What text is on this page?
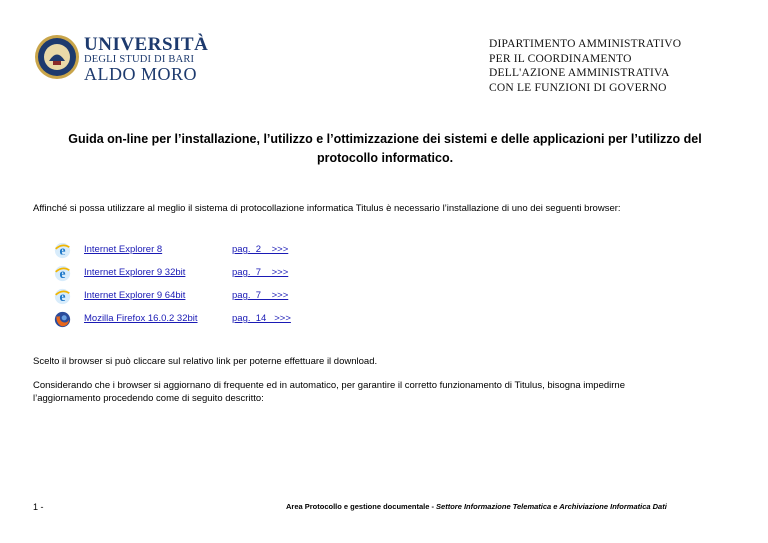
UNIVERSITÀ
DEGLI STUDI DI BARI
ALDO MORO
DIPARTIMENTO AMMINISTRATIVO
PER IL COORDINAMENTO
DELL'AZIONE AMMINISTRATIVA
CON LE FUNZIONI DI GOVERNO
Guida on-line per l’installazione, l’utilizzo e l’ottimizzazione dei sistemi e delle applicazioni per l’utilizzo del protocollo informatico.
Affinché si possa utilizzare al meglio il sistema di protocollazione informatica Titulus è necessario l’installazione di uno dei seguenti browser:
e Internet Explorer 8	pag.  2    >>>
e Internet Explorer 9 32bit	pag.  7    >>>
e Internet Explorer 9 64bit	pag.  7    >>>
Mozilla Firefox 16.0.2 32bit	pag.  14   >>>
Scelto il browser si può cliccare sul relativo link per poterne effettuare il download.
Considerando che i browser si aggiornano di frequente ed in automatico, per garantire il corretto funzionamento di Titulus, bisogna impedirne l’aggiornamento procedendo come di seguito descritto:
1 -	Area Protocollo e gestione documentale - Settore Informazione Telematica e Archiviazione Informatica Dati
